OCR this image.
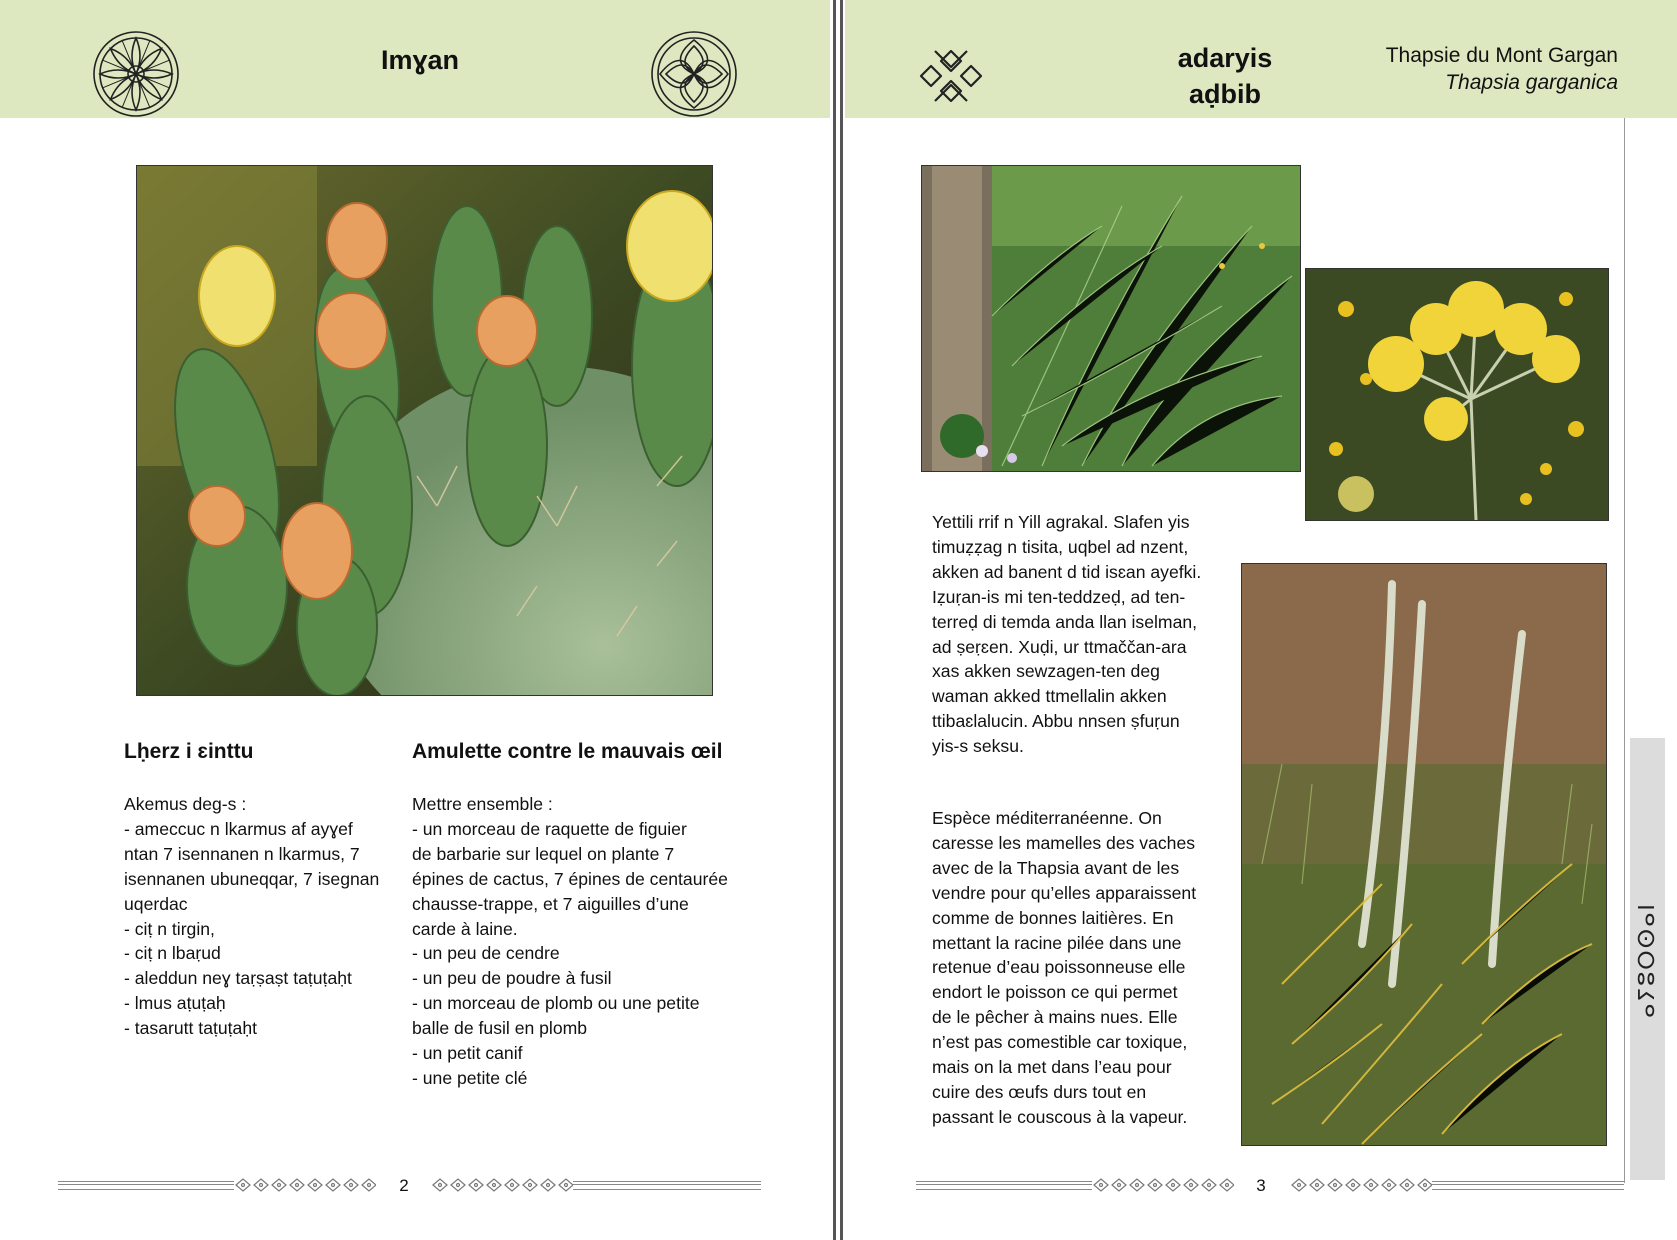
Imɣan
Lḥerz i ɛinttu
Akemus deg-s :
- ameccuc n lkarmus af ayɣef
ntan 7 isennanen n lkarmus, 7
isennanen ubuneqqar, 7 isegnan
uqerdac
- ciṭ n tirgin,
- ciṭ n lbaṛud
- aleddun neɣ taṛṣaṣt taṭuṭaḥt
- lmus aṭuṭaḥ
- tasarutt taṭuṭaḥt
Amulette contre le mauvais œil
Mettre ensemble :
- un morceau de raquette de figuier
de barbarie sur lequel on plante 7
épines de cactus, 7 épines de centaurée
chausse-trappe, et 7 aiguilles d’une
carde à laine.
- un peu de cendre
- un peu de poudre à fusil
- un morceau de plomb ou une petite
balle de fusil en plomb
- un petit canif
- une petite clé
2
adaryis
aḍbib
Thapsie du Mont Gargan
Thapsia garganica
Yettili rrif n Yill agrakal. Slafen yis
timuẓẓag n tisita, uqbel ad nzent,
akken ad banent d tid isɛan ayefki.
Iẓuṛan-is mi ten-teddzeḍ, ad ten-
terreḍ di temda anda llan iselman,
ad ṣeṛɛen. Xuḍi, ur ttmaččan-ara
xas akken sewzagen-ten deg
waman akked ttmellalin akken
ttibaɛlalucin. Abbu nnsen ṣfuṛun
yis-s seksu.
Espèce méditerranéenne. On
caresse les mamelles des vaches
avec de la Thapsia avant de les
vendre pour qu’elles apparaissent
comme de bonnes laitières. En
mettant la racine pilée dans une
retenue d’eau poissonneuse elle
endort le poisson ce qui permet
de le pêcher à mains nues. Elle
n’est pas comestible car toxique,
mais on la met dans l’eau pour
cuire des œufs durs tout en
passant le couscous à la vapeur.
ⴰⵢⵓⵔⵙⴰⵏ
3
